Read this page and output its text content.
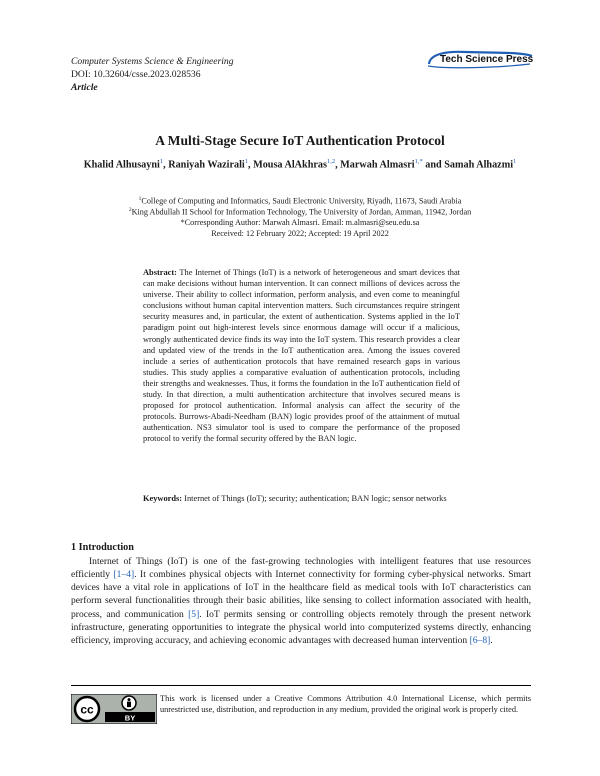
Computer Systems Science & Engineering
DOI: 10.32604/csse.2023.028536
Article
Tech Science Press
A Multi-Stage Secure IoT Authentication Protocol
Khalid Alhusayni$^1$, Raniyah Wazirali$^1$, Mousa AlAkhras$^{1,2}$, Marwah Almasri$^{1,*}$ and Samah Alhazmi$^1$
$^1$College of Computing and Informatics, Saudi Electronic University, Riyadh, 11673, Saudi Arabia
$^2$King Abdullah II School for Information Technology, The University of Jordan, Amman, 11942, Jordan
*Corresponding Author: Marwah Almasri. Email: m.almasri@seu.edu.sa
Received: 12 February 2022; Accepted: 19 April 2022
Abstract: The Internet of Things (IoT) is a network of heterogeneous and smart devices that can make decisions without human intervention. It can connect millions of devices across the universe. Their ability to collect information, perform analysis, and even come to meaningful conclusions without human capital intervention matters. Such circumstances require stringent security measures and, in particular, the extent of authentication. Systems applied in the IoT paradigm point out high-interest levels since enormous damage will occur if a malicious, wrongly authenticated device finds its way into the IoT system. This research provides a clear and updated view of the trends in the IoT authentication area. Among the issues covered include a series of authentication protocols that have remained research gaps in various studies. This study applies a comparative evaluation of authentication protocols, including their strengths and weaknesses. Thus, it forms the foundation in the IoT authentication field of study. In that direction, a multi authentication architecture that involves secured means is proposed for protocol authentication. Informal analysis can affect the security of the protocols. Burrows-Abadi-Needham (BAN) logic provides proof of the attainment of mutual authentication. NS3 simulator tool is used to compare the performance of the proposed protocol to verify the formal security offered by the BAN logic.
Keywords: Internet of Things (IoT); security; authentication; BAN logic; sensor networks
1 Introduction
Internet of Things (IoT) is one of the fast-growing technologies with intelligent features that use resources efficiently [1–4]. It combines physical objects with Internet connectivity for forming cyber-physical networks. Smart devices have a vital role in applications of IoT in the healthcare field as medical tools with IoT characteristics can perform several functionalities through their basic abilities, like sensing to collect information associated with health, process, and communication [5]. IoT permits sensing or controlling objects remotely through the present network infrastructure, generating opportunities to integrate the physical world into computerized systems directly, enhancing efficiency, improving accuracy, and achieving economic advantages with decreased human intervention [6–8].
cc
BY
This work is licensed under a Creative Commons Attribution 4.0 International License, which permits unrestricted use, distribution, and reproduction in any medium, provided the original work is properly cited.
